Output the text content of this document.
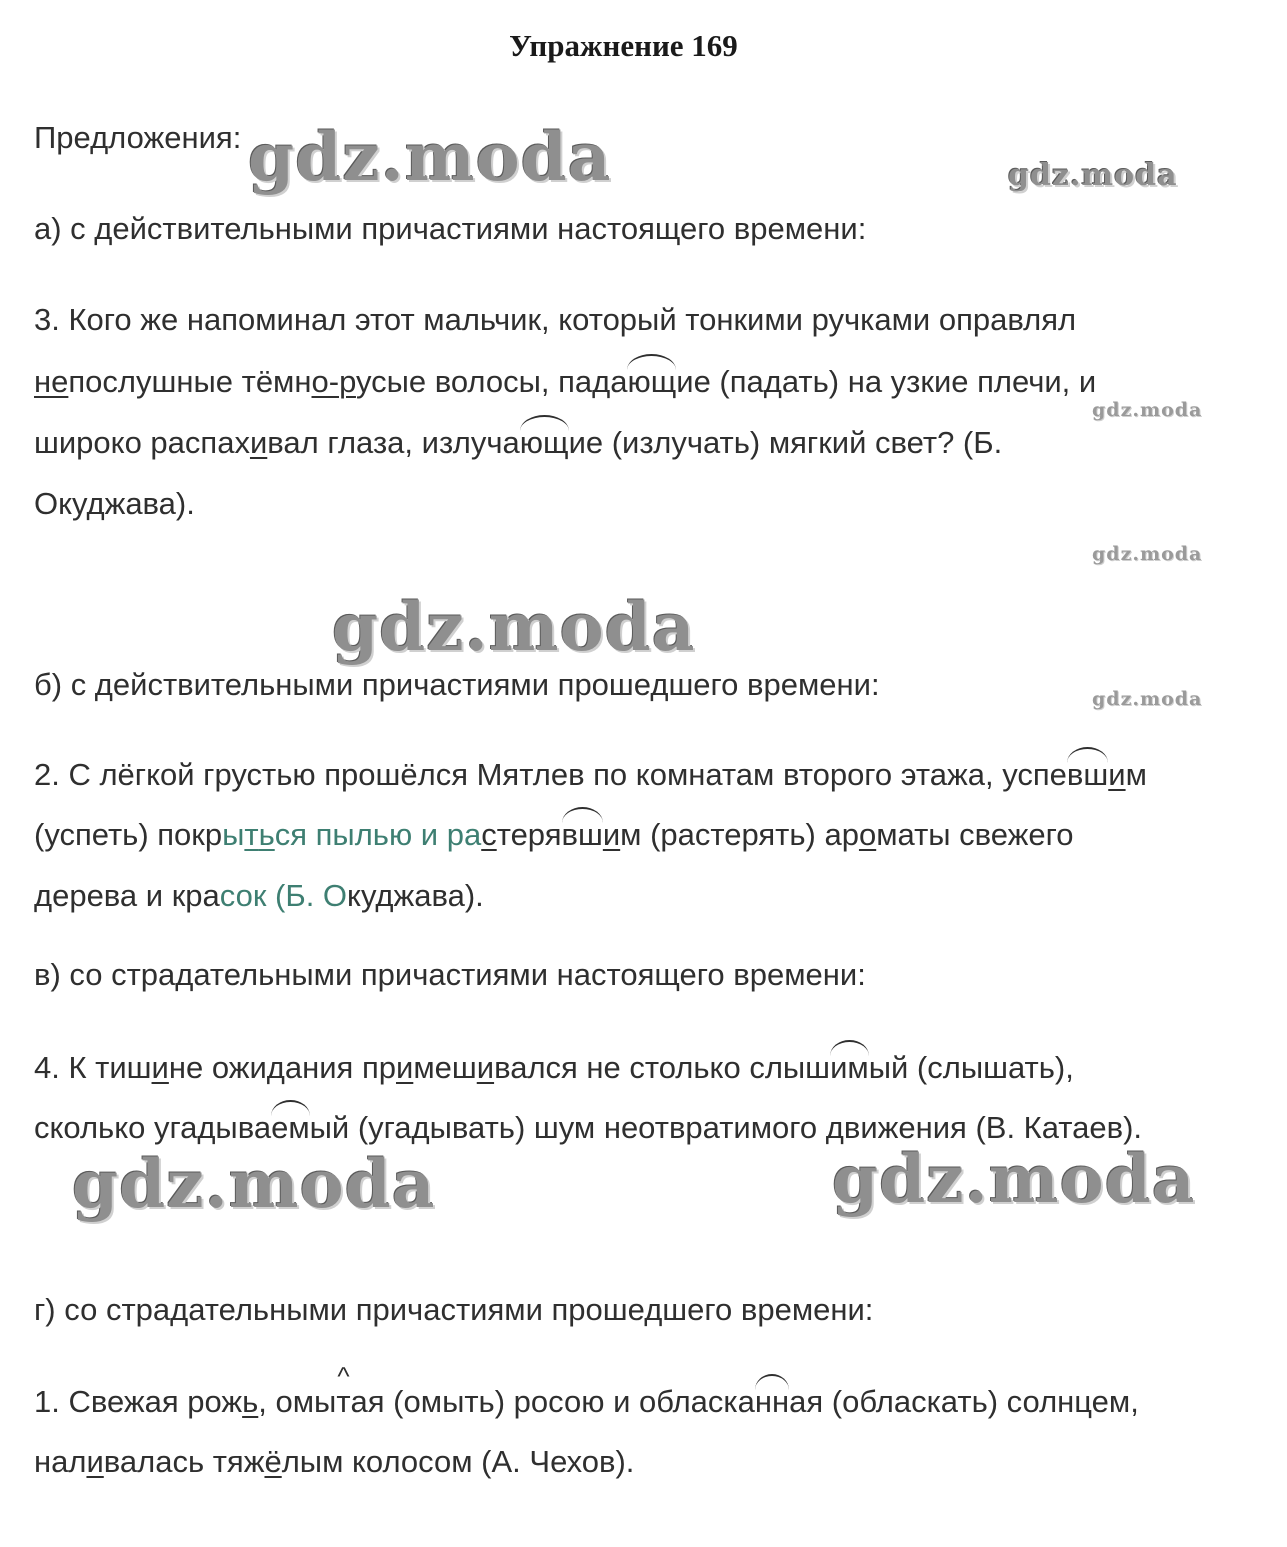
Упражнение 169
Предложения:
а) с действительными причастиями настоящего времени:
3. Кого же напоминал этот мальчик, который тонкими ручками оправлял
непослушные тёмно-русые волосы, падающие (падать) на узкие плечи, и
широко распахивал глаза, излучающие (излучать) мягкий свет? (Б.
Окуджава).
б) с действительными причастиями прошедшего времени:
2. С лёгкой грустью прошёлся Мятлев по комнатам второго этажа, успевшим
(успеть) покрыться пылью и растерявшим (растерять) ароматы свежего
дерева и красок (Б. Окуджава).
в) со страдательными причастиями настоящего времени:
4. К тишине ожидания примешивался не столько слышимый (слышать),
сколько угадываемый (угадывать) шум неотвратимого движения (В. Катаев).
г) со страдательными причастиями прошедшего времени:
1. Свежая рожь, омы^ тая (омыть) росою и обласканная (обласкать) солнцем,
наливалась тяжёлым колосом (А. Чехов).
gdz.moda	gdz.moda
gdz.moda
gdz.moda
gdz.moda
gdz.moda
gdz.moda	gdz.moda
